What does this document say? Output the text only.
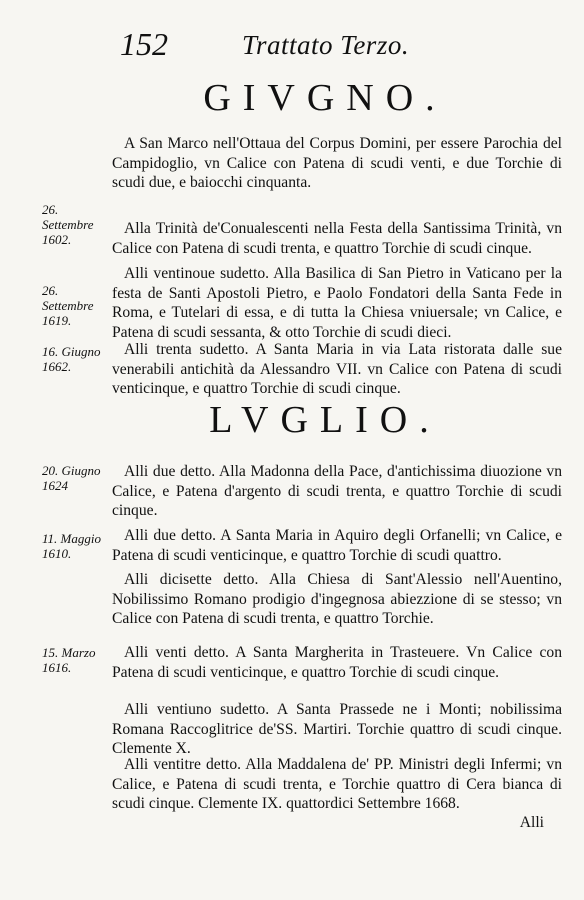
152	Trattato Terzo.
GIVGNO.

A San Marco nell'Ottaua del Corpus Domini, per essere Parochia del Campidoglio, vn Calice con Patena di scudi venti, e due Torchie di scudi due, e baiocchi cinquanta.

Alla Trinità de'Conualescenti nella Festa della Santissima Trinità, vn Calice con Patena di scudi trenta, e quattro Torchie di scudi cinque.

Alli ventinoue sudetto. Alla Basilica di San Pietro in Vaticano per la festa de Santi Apostoli Pietro, e Paolo Fondatori della Santa Fede in Roma, e Tutelari di essa, e di tutta la Chiesa vniuersale; vn Calice, e Patena di scudi sessanta, & otto Torchie di scudi dieci.

Alli trenta sudetto. A Santa Maria in via Lata ristorata dalle sue venerabili antichità da Alessandro VII. vn Calice con Patena di scudi venticinque, e quattro Torchie di scudi cinque.

LVGLIO.

Alli due detto. Alla Madonna della Pace, d'antichissima diuozione vn Calice, e Patena d'argento di scudi trenta, e quattro Torchie di scudi cinque.

Alli due detto. A Santa Maria in Aquiro degli Orfanelli; vn Calice, e Patena di scudi venticinque, e quattro Torchie di scudi quattro.

Alli dicisette detto. Alla Chiesa di Sant'Alessio nell'Auentino, Nobilissimo Romano prodigio d'ingegnosa abiezzione di se stesso; vn Calice con Patena di scudi trenta, e quattro Torchie.

Alli venti detto. A Santa Margherita in Trasteuere. Vn Calice con Patena di scudi venticinque, e quattro Torchie di scudi cinque.

Alli ventiuno sudetto. A Santa Prassede ne i Monti; nobilissima Romana Raccoglitrice de'SS. Martiri. Torchie quattro di scudi cinque. Clemente X.

Alli ventitre detto. Alla Maddalena de' PP. Ministri degli Infermi; vn Calice, e Patena di scudi trenta, e Torchie quattro di Cera bianca di scudi cinque. Clemente IX. quattordici Settembre 1668.

26. Settembre 1602.
26. Settembre 1619.
16. Giugno 1662.
20. Giugno 1624
11. Maggio 1610.
15. Marzo 1616.
Alli
